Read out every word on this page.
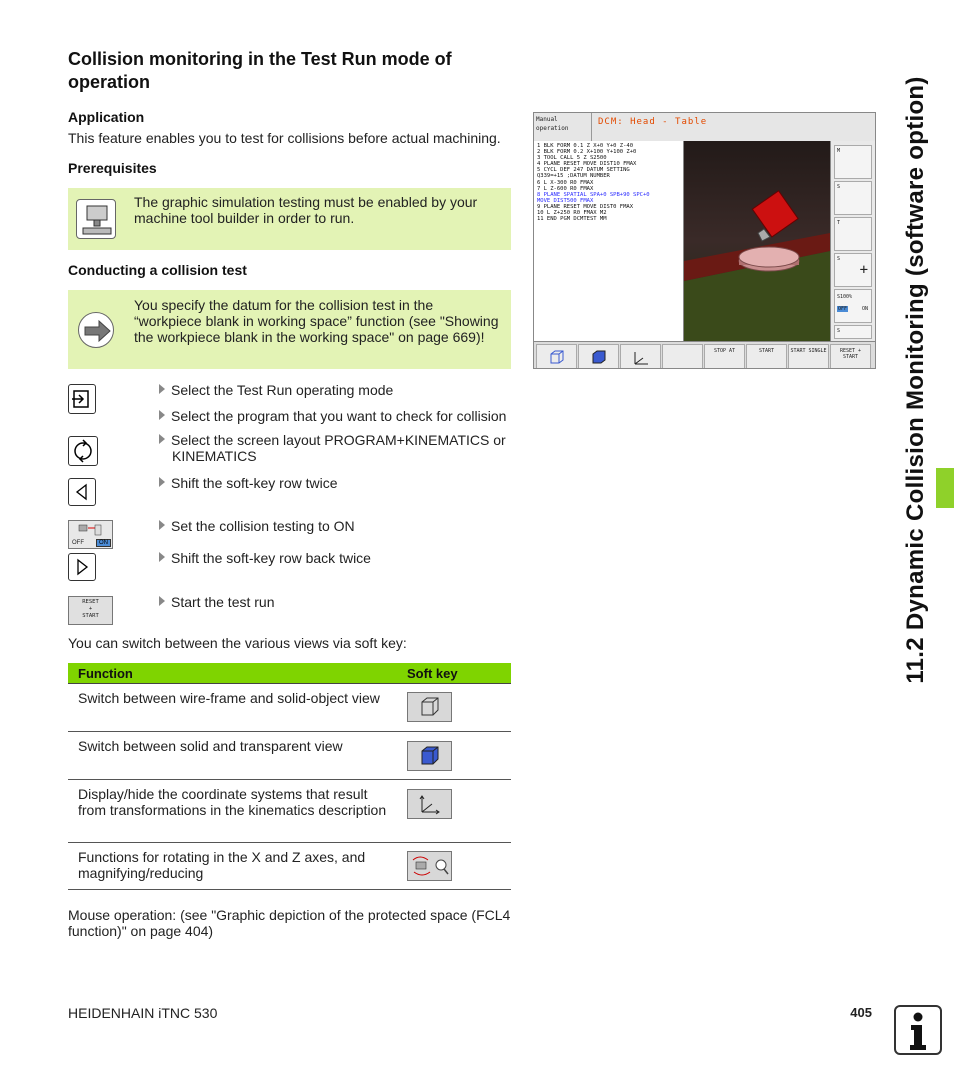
Collision monitoring in the Test Run mode of operation
Application
This feature enables you to test for collisions before actual machining.
Prerequisites
The graphic simulation testing must be enabled by your machine tool builder in order to run.
Conducting a collision test
You specify the datum for the collision test in the “workpiece blank in working space” function (see "Showing the workpiece blank in the working space" on page 669)!
Select the Test Run operating mode
Select the program that you want to check for collision
Select the screen layout PROGRAM+KINEMATICS or
KINEMATICS
Shift the soft-key row twice
OFF	ON
Set the collision testing to ON
Shift the soft-key row back twice
RESET
+
START
Start the test run
You can switch between the various views via soft key:
Function	Soft key
Switch between wire-frame and solid-object view
Switch between solid and transparent view
Display/hide the coordinate systems that result from transformations in the kinematics description
Functions for rotating in the X and Z axes, and magnifying/reducing
Mouse operation: (see "Graphic depiction of the protected space (FCL4 function)" on page 404)
Manual
operation
DCM: Head - Table
1 BLK FORM 0.1 Z X+0 Y+0 Z-40
2 BLK FORM 0.2 X+100 Y+100 Z+0
3 TOOL CALL 5 Z S2500
4 PLANE RESET MOVE DIST10 FMAX
5 CYCL DEF 247 DATUM SETTING
Q339=+15 ;DATUM NUMBER
6 L X-300 R0 FMAX
7 L Z-600 R0 FMAX
8 PLANE SPATIAL SPA+0 SPB+90 SPC+0
MOVE DIST500 FMAX
9 PLANE RESET MOVE DIST0 FMAX
10 L Z+250 R0 FMAX M2
11 END PGM DCMTEST MM
M
S
T
S
+
S100%
OFF	ON
S
STOP AT	START	START SINGLE	RESET + START	11.2 Dynamic Collision Monitoring (software option)
HEIDENHAIN iTNC 530	405
